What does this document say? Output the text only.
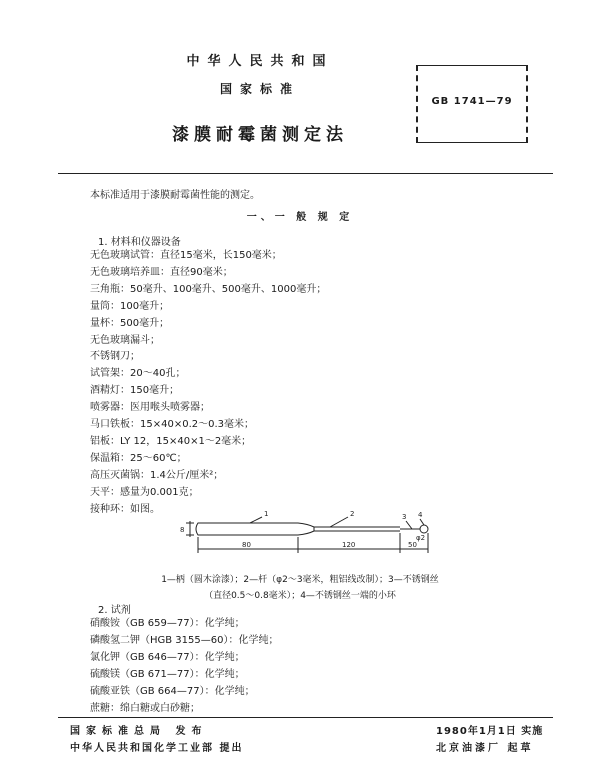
中华人民共和国
国家标准
漆膜耐霉菌测定法
GB 1741—79
本标准适用于漆膜耐霉菌性能的测定。
一、一 般 规 定
1. 材料和仪器设备
无色玻璃试管：直径15毫米，长150毫米；
无色玻璃培养皿：直径90毫米；
三角瓶：50毫升、100毫升、500毫升、1000毫升；
量筒：100毫升；
量杯：500毫升；
无色玻璃漏斗；
不锈钢刀；
试管架：20～40孔；
酒精灯：150毫升；
喷雾器：医用喉头喷雾器；
马口铁板：15×40×0.2～0.3毫米；
铝板：LY 12，15×40×1～2毫米；
保温箱：25～60℃；
高压灭菌锅：1.4公斤/厘米²；
天平：感量为0.001克；
接种环：如图。	1	2	3 4
80	120	50
8
φ2
1—柄（圆木涂漆）；2—杆（φ2～3毫米，粗铝线改制）；3—不锈钢丝
（直径0.5～0.8毫米）；4—不锈钢丝一端的小环
2. 试剂
硝酸铵（GB 659—77）：化学纯；
磷酸氢二钾（HGB 3155—60）：化学纯；
氯化钾（GB 646—77）：化学纯；
硫酸镁（GB 671—77）：化学纯；
硫酸亚铁（GB 664—77）：化学纯；
蔗糖：绵白糖或白砂糖；
国家标准总局 发布
中华人民共和国化学工业部 提出
1980年1月1日 实施
北京油漆厂 起草
